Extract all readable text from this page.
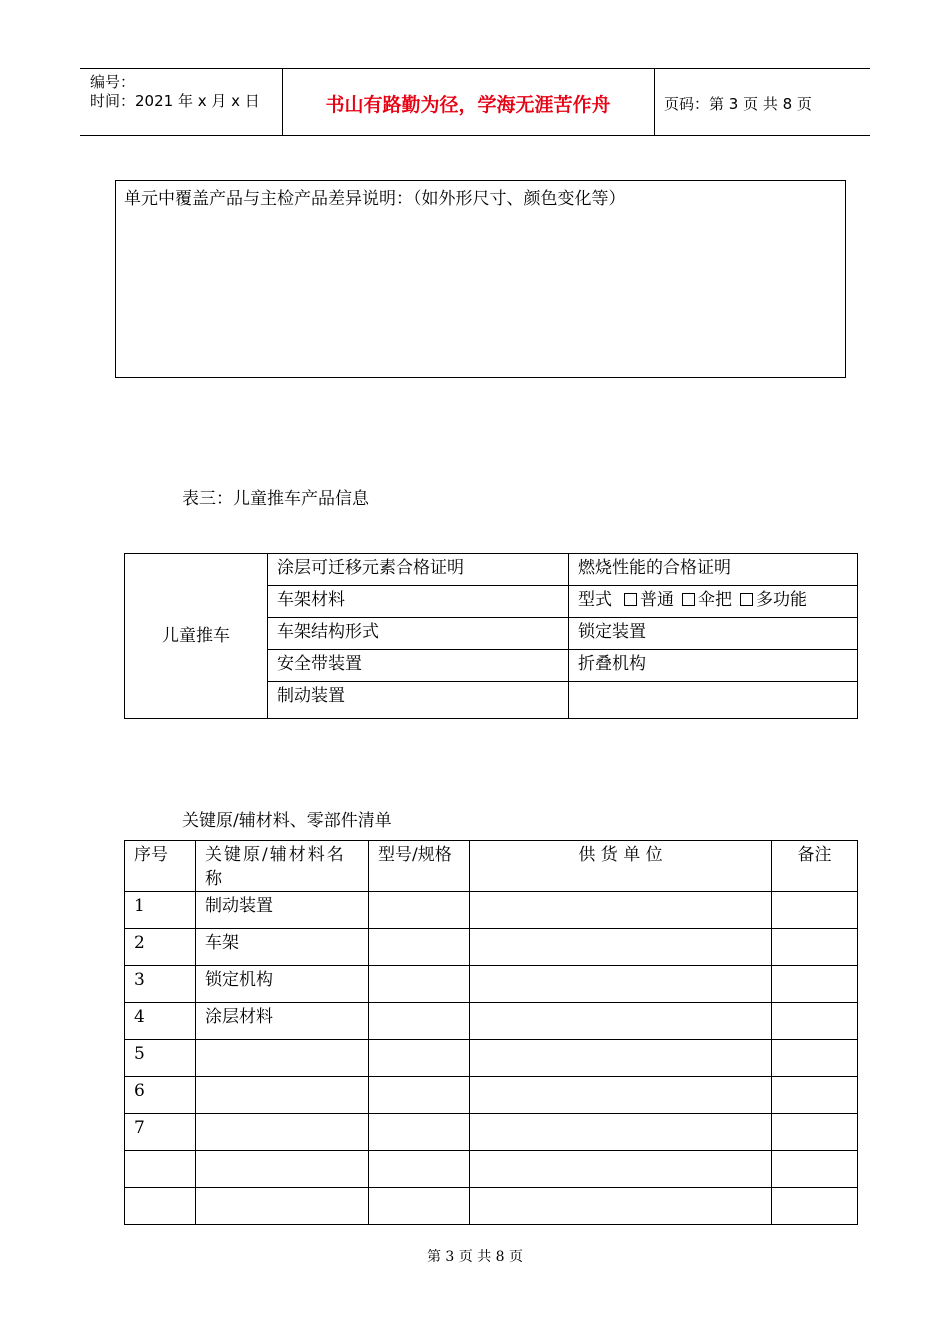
编号：
时间：2021 年 x 月 x 日	书山有路勤为径，学海无涯苦作舟	页码：第 3 页 共 8 页
单元中覆盖产品与主检产品差异说明：（如外形尺寸、颜色变化等）
表三：儿童推车产品信息
儿童推车	涂层可迁移元素合格证明	燃烧性能的合格证明
	车架材料	型式 普通 伞把 多功能
	车架结构形式	锁定装置
	安全带装置	折叠机构
	制动装置	
关键原/辅材料、零部件清单
序号	关键原/辅材料名称	型号/规格	供 货 单 位	备注
1	制动装置			
2	车架			
3	锁定机构			
4	涂层材料			
5				
6				
7				

第 3 页 共 8 页
